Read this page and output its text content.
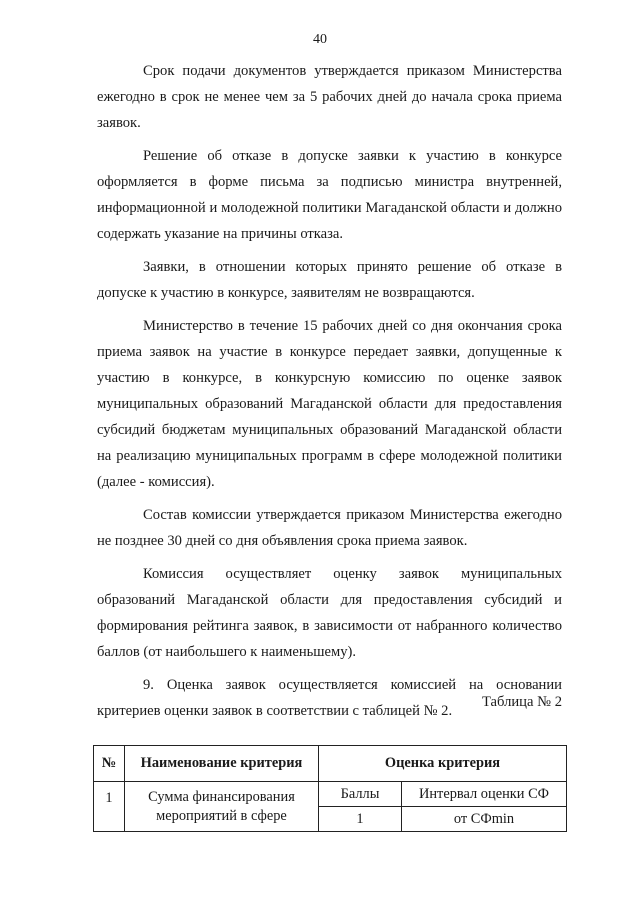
40

Срок подачи документов утверждается приказом Министерства ежегодно в срок не менее чем за 5 рабочих дней до начала срока приема заявок.

Решение об отказе в допуске заявки к участию в конкурсе оформляется в форме письма за подписью министра внутренней, информационной и молодежной политики Магаданской области и должно содержать указание на причины отказа.

Заявки, в отношении которых принято решение об отказе в допуске к участию в конкурсе, заявителям не возвращаются.

Министерство в течение 15 рабочих дней со дня окончания срока приема заявок на участие в конкурсе передает заявки, допущенные к участию в конкурсе, в конкурсную комиссию по оценке заявок муниципальных образований Магаданской области для предоставления субсидий бюджетам муниципальных образований Магаданской области на реализацию муниципальных программ в сфере молодежной политики (далее - комиссия).

Состав комиссии утверждается приказом Министерства ежегодно не позднее 30 дней со дня объявления срока приема заявок.

Комиссия осуществляет оценку заявок муниципальных образований Магаданской области для предоставления субсидий и формирования рейтинга заявок, в зависимости от набранного количество баллов (от наибольшего к наименьшему).

9. Оценка заявок осуществляется комиссией на основании критериев оценки заявок в соответствии с таблицей № 2.

Таблица № 2
№	Наименование критерия	Оценка критерия	
1	Сумма финансирования мероприятий в сфере	Баллы	Интервал оценки СФ
		1	от СФmin
